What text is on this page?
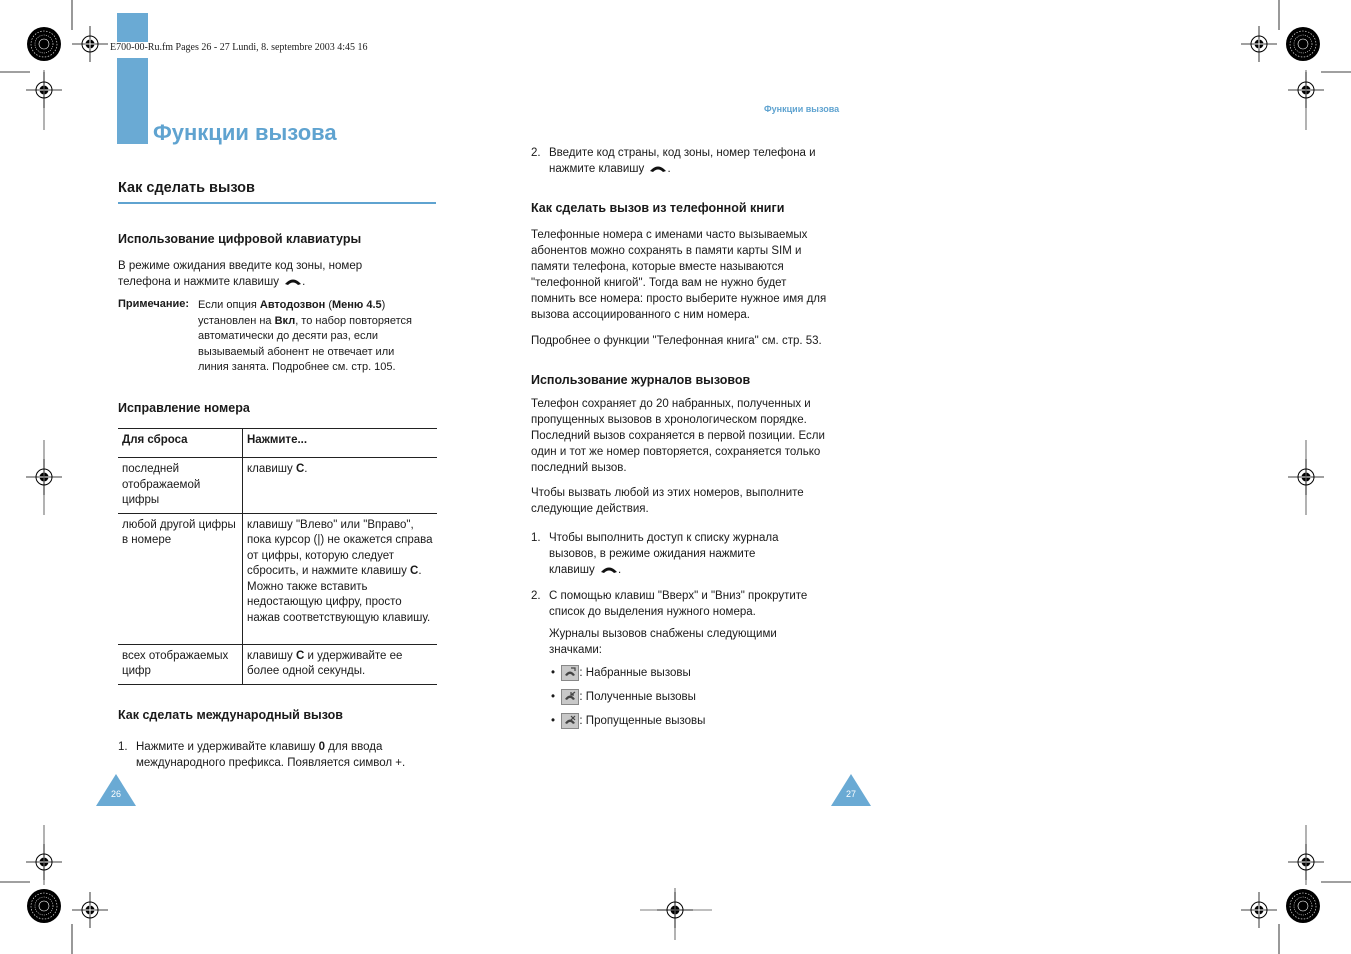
E700-00-Ru.fm Pages 26 - 27 Lundi, 8. septembre 2003 4:45 16
Функции вызова
Функции вызова
Как сделать вызов
Использование цифровой клавиатуры
В режиме ожидания введите код зоны, номер
телефона и нажмите клавишу .
Примечание: Если опция Автодозвон (Меню 4.5)
установлен на Вкл, то набор повторяется
автоматически до десяти раз, если
вызываемый абонент не отвечает или
линия занята. Подробнее см. стр. 105.
Исправление номера
Для сброса	Нажмите...
последней отображаемой цифры	клавишу C.
любой другой цифры в номере	клавишу "Влево" или "Вправо", пока курсор (|) не окажется справа от цифры, которую следует сбросить, и нажмите клавишу C. Можно также вставить недостающую цифру, просто нажав соответствующую клавишу.
всех отображаемых цифр	клавишу C и удерживайте ее более одной секунды.
Как сделать международный вызов
1. Нажмите и удерживайте клавишу 0 для ввода
международного префикса. Появляется символ +.
26
2. Введите код страны, код зоны, номер телефона и
нажмите клавишу .
Как сделать вызов из телефонной книги
Телефонные номера с именами часто вызываемых
абонентов можно сохранять в памяти карты SIM и
памяти телефона, которые вместе называются
"телефонной книгой". Тогда вам не нужно будет
помнить все номера: просто выберите нужное имя для
вызова ассоциированного с ним номера.
Подробнее о функции "Телефонная книга" см. стр. 53.
Использование журналов вызовов
Телефон сохраняет до 20 набранных, полученных и
пропущенных вызовов в хронологическом порядке.
Последний вызов сохраняется в первой позиции. Если
один и тот же номер повторяется, сохраняется только
последний вызов.
Чтобы вызвать любой из этих номеров, выполните
следующие действия.
1. Чтобы выполнить доступ к списку журнала
вызовов, в режиме ожидания нажмите
клавишу .
2. С помощью клавиш "Вверх" и "Вниз" прокрутите
список до выделения нужного номера.
Журналы вызовов снабжены следующими
значками:
•  : Набранные вызовы
•  : Полученные вызовы
•  : Пропущенные вызовы
27
